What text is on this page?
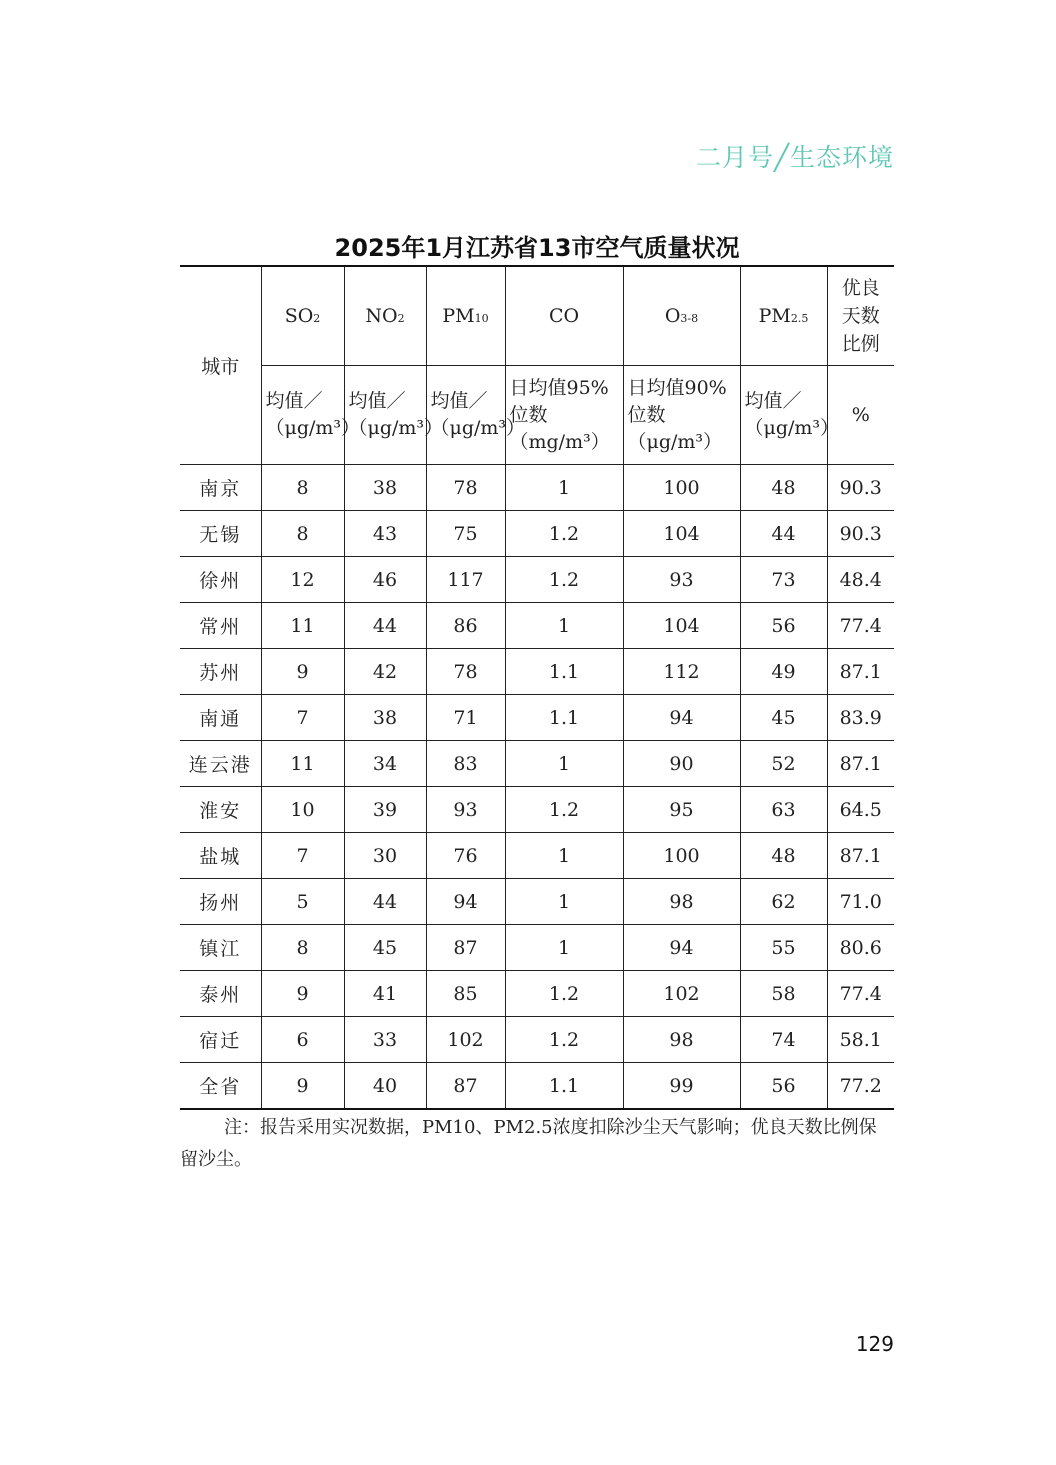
二月号╱生态环境
2025年1月江苏省13市空气质量状况
城市	SO2	NO2	PM10	CO	O3-8	PM2.5	优良天数比例

	均值／（μg/m³）	均值／（μg/m³）	均值／（μg/m³）	日均值95%位数（mg/m³）	日均值90%位数（μg/m³）	均值／（μg/m³）	%

南京	8	38	78	1	100	48	90.3
无锡	8	43	75	1.2	104	44	90.3
徐州	12	46	117	1.2	93	73	48.4
常州	11	44	86	1	104	56	77.4
苏州	9	42	78	1.1	112	49	87.1
南通	7	38	71	1.1	94	45	83.9
连云港	11	34	83	1	90	52	87.1
淮安	10	39	93	1.2	95	63	64.5
盐城	7	30	76	1	100	48	87.1
扬州	5	44	94	1	98	62	71.0
镇江	8	45	87	1	94	55	80.6
泰州	9	41	85	1.2	102	58	77.4
宿迁	6	33	102	1.2	98	74	58.1
全省	9	40	87	1.1	99	56	77.2
注：报告采用实况数据，PM10、PM2.5浓度扣除沙尘天气影响；优良天数比例保留沙尘。
129
